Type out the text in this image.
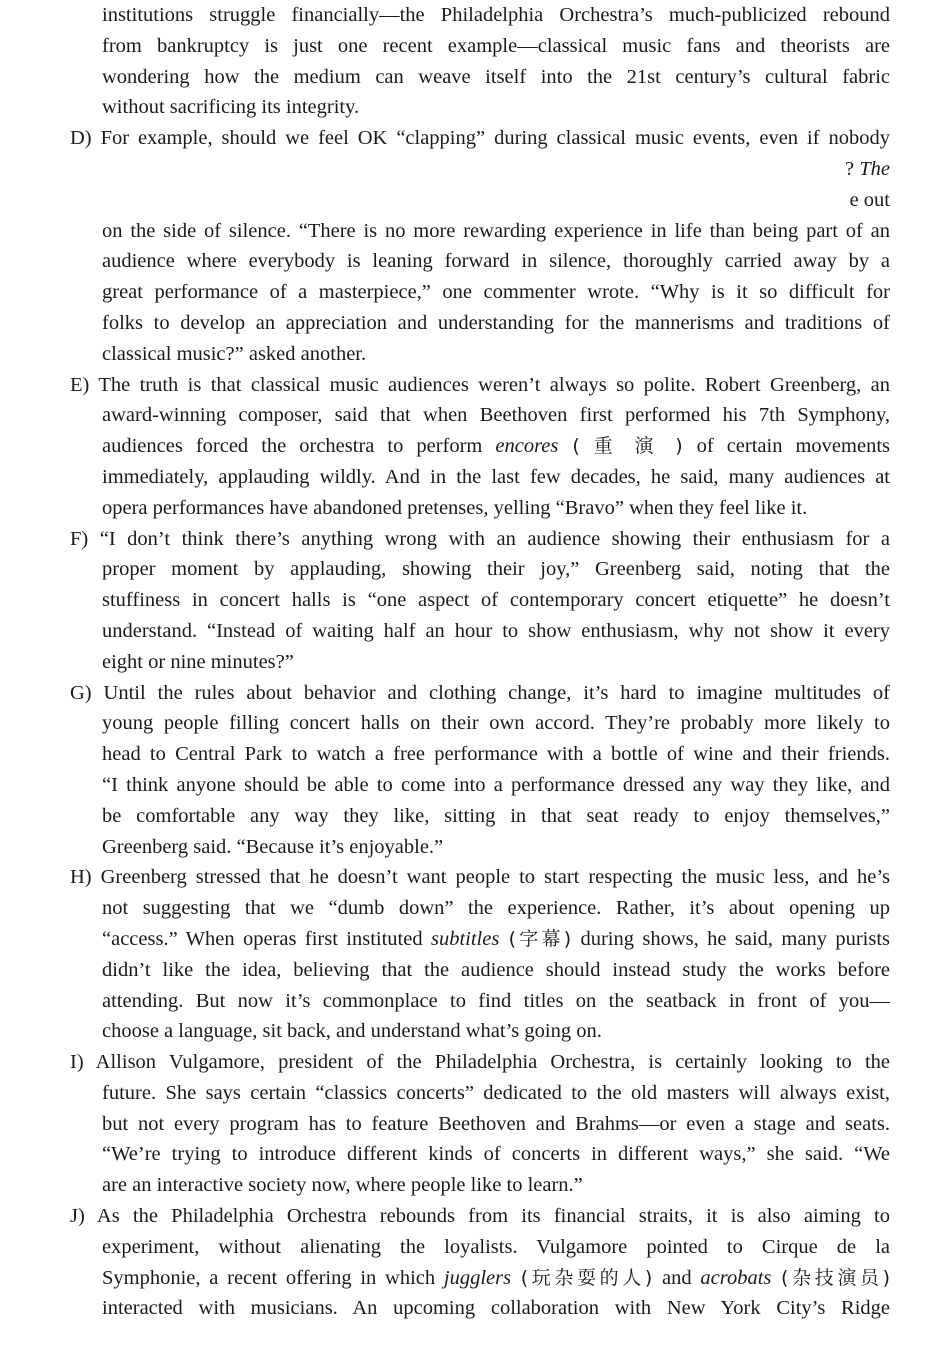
institutions struggle financially—the Philadelphia Orchestra’s much-publicized rebound
from bankruptcy is just one recent example—classical music fans and theorists are
wondering how the medium can weave itself into the 21st century’s cultural fabric
without sacrificing its integrity.
D) For example, should we feel OK “clapping” during classical music events, even if nobody
? The
e out
on the side of silence. “There is no more rewarding experience in life than being part of an
audience where everybody is leaning forward in silence, thoroughly carried away by a
great performance of a masterpiece,” one commenter wrote. “Why is it so difficult for
folks to develop an appreciation and understanding for the mannerisms and traditions of
classical music?” asked another.
E) The truth is that classical music audiences weren’t always so polite. Robert Greenberg, an
award-winning composer, said that when Beethoven first performed his 7th Symphony,
audiences forced the orchestra to perform encores ( 重 演 ) of certain movements
immediately, applauding wildly. And in the last few decades, he said, many audiences at
opera performances have abandoned pretenses, yelling “Bravo” when they feel like it.
F) “I don’t think there’s anything wrong with an audience showing their enthusiasm for a
proper moment by applauding, showing their joy,” Greenberg said, noting that the
stuffiness in concert halls is “one aspect of contemporary concert etiquette” he doesn’t
understand. “Instead of waiting half an hour to show enthusiasm, why not show it every
eight or nine minutes?”
G) Until the rules about behavior and clothing change, it’s hard to imagine multitudes of
young people filling concert halls on their own accord. They’re probably more likely to
head to Central Park to watch a free performance with a bottle of wine and their friends.
“I think anyone should be able to come into a performance dressed any way they like, and
be comfortable any way they like, sitting in that seat ready to enjoy themselves,”
Greenberg said. “Because it’s enjoyable.”
H) Greenberg stressed that he doesn’t want people to start respecting the music less, and he’s
not suggesting that we “dumb down” the experience. Rather, it’s about opening up
“access.” When operas first instituted subtitles (字幕) during shows, he said, many purists
didn’t like the idea, believing that the audience should instead study the works before
attending. But now it’s commonplace to find titles on the seatback in front of you—
choose a language, sit back, and understand what’s going on.
I) Allison Vulgamore, president of the Philadelphia Orchestra, is certainly looking to the
future. She says certain “classics concerts” dedicated to the old masters will always exist,
but not every program has to feature Beethoven and Brahms—or even a stage and seats.
“We’re trying to introduce different kinds of concerts in different ways,” she said. “We
are an interactive society now, where people like to learn.”
J) As the Philadelphia Orchestra rebounds from its financial straits, it is also aiming to
experiment, without alienating the loyalists. Vulgamore pointed to Cirque de la
Symphonie, a recent offering in which jugglers (玩杂耍的人) and acrobats (杂技演员)
interacted with musicians. An upcoming collaboration with New York City’s Ridge
